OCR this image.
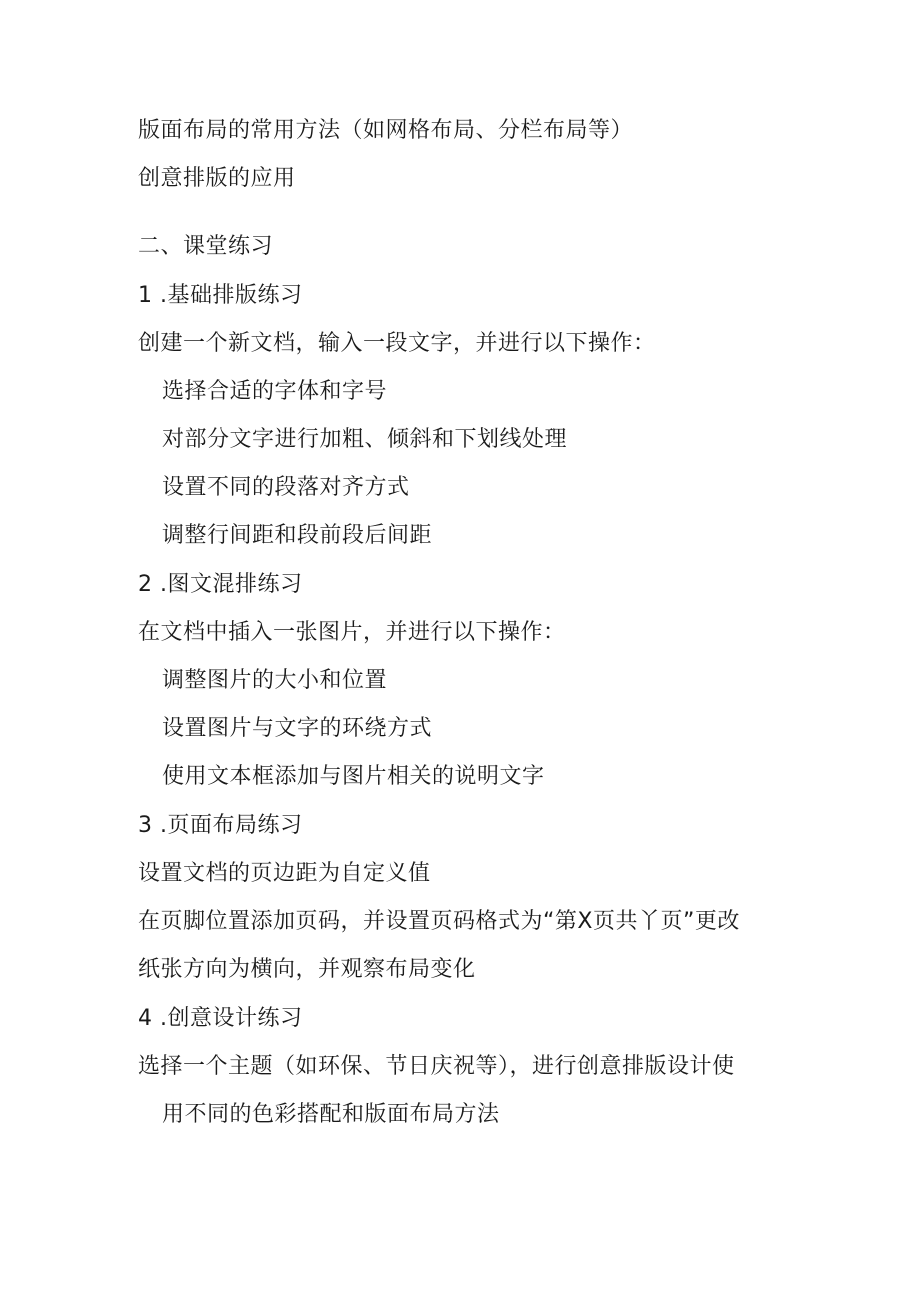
版面布局的常用方法（如网格布局、分栏布局等）
创意排版的应用
二、课堂练习
1 .基础排版练习
创建一个新文档，输入一段文字，并进行以下操作：
选择合适的字体和字号
对部分文字进行加粗、倾斜和下划线处理
设置不同的段落对齐方式
调整行间距和段前段后间距
2 .图文混排练习
在文档中插入一张图片，并进行以下操作：
调整图片的大小和位置
设置图片与文字的环绕方式
使用文本框添加与图片相关的说明文字
3 .页面布局练习
设置文档的页边距为自定义值
在页脚位置添加页码，并设置页码格式为“第X页共丫页”更改
纸张方向为横向，并观察布局变化
4 .创意设计练习
选择一个主题（如环保、节日庆祝等），进行创意排版设计使
用不同的色彩搭配和版面布局方法
